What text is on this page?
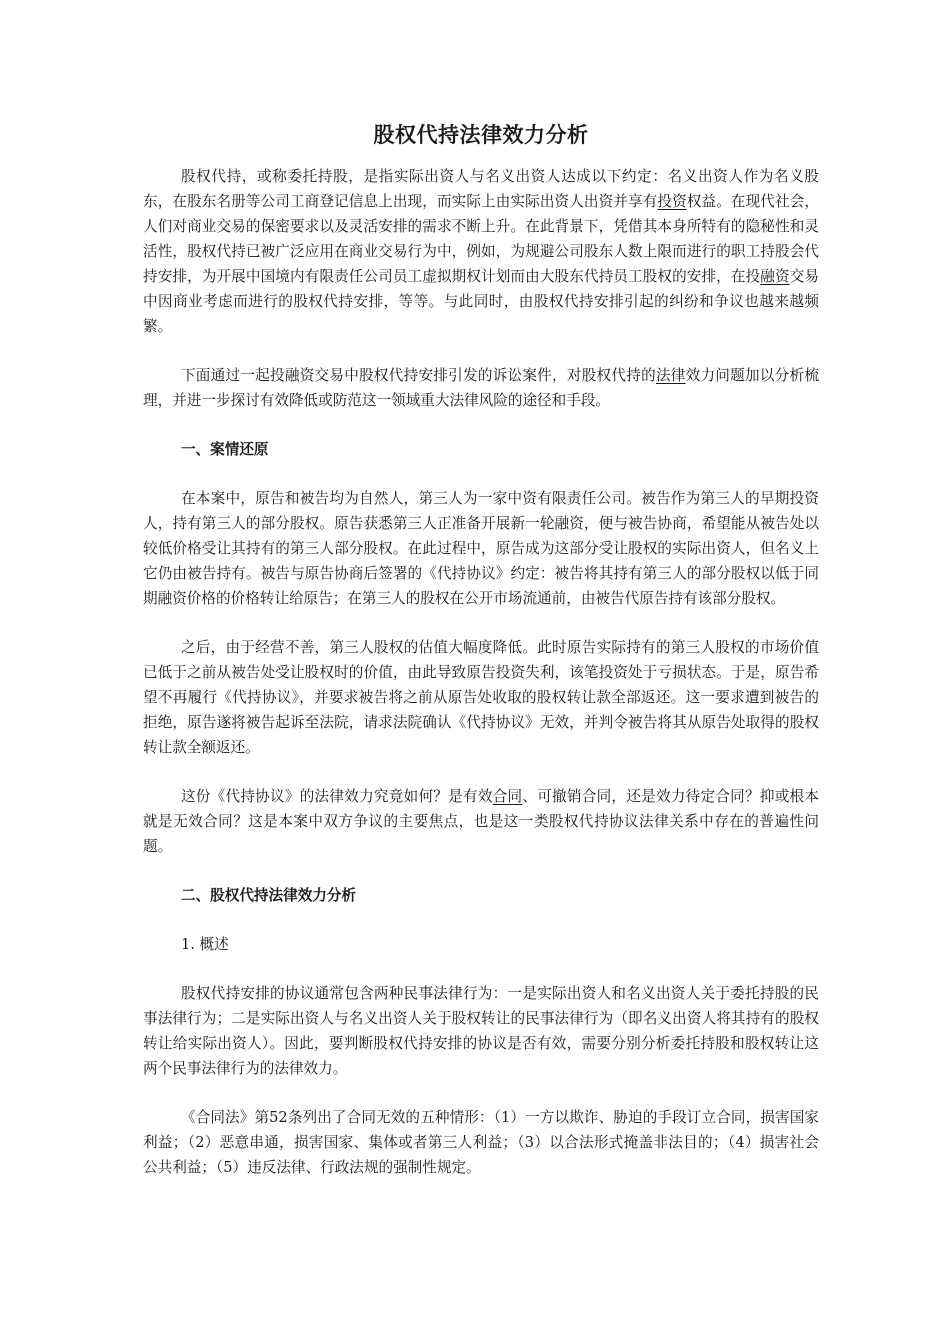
股权代持法律效力分析

股权代持，或称委托持股，是指实际出资人与名义出资人达成以下约定：名义出资人作为名义股东，在股东名册等公司工商登记信息上出现，而实际上由实际出资人出资并享有投资权益。在现代社会，人们对商业交易的保密要求以及灵活安排的需求不断上升。在此背景下，凭借其本身所特有的隐秘性和灵活性，股权代持已被广泛应用在商业交易行为中，例如，为规避公司股东人数上限而进行的职工持股会代持安排，为开展中国境内有限责任公司员工虚拟期权计划而由大股东代持员工股权的安排，在投融资交易中因商业考虑而进行的股权代持安排，等等。与此同时，由股权代持安排引起的纠纷和争议也越来越频繁。

下面通过一起投融资交易中股权代持安排引发的诉讼案件，对股权代持的法律效力问题加以分析梳理，并进一步探讨有效降低或防范这一领域重大法律风险的途径和手段。

一、案情还原

在本案中，原告和被告均为自然人，第三人为一家中资有限责任公司。被告作为第三人的早期投资人，持有第三人的部分股权。原告获悉第三人正准备开展新一轮融资，便与被告协商，希望能从被告处以较低价格受让其持有的第三人部分股权。在此过程中，原告成为这部分受让股权的实际出资人，但名义上它仍由被告持有。被告与原告协商后签署的《代持协议》约定：被告将其持有第三人的部分股权以低于同期融资价格的价格转让给原告；在第三人的股权在公开市场流通前，由被告代原告持有该部分股权。

之后，由于经营不善，第三人股权的估值大幅度降低。此时原告实际持有的第三人股权的市场价值已低于之前从被告处受让股权时的价值，由此导致原告投资失利，该笔投资处于亏损状态。于是，原告希望不再履行《代持协议》，并要求被告将之前从原告处收取的股权转让款全部返还。这一要求遭到被告的拒绝，原告遂将被告起诉至法院，请求法院确认《代持协议》无效，并判令被告将其从原告处取得的股权转让款全额返还。

这份《代持协议》的法律效力究竟如何？是有效合同、可撤销合同，还是效力待定合同？抑或根本就是无效合同？这是本案中双方争议的主要焦点，也是这一类股权代持协议法律关系中存在的普遍性问题。

二、股权代持法律效力分析

1. 概述

股权代持安排的协议通常包含两种民事法律行为：一是实际出资人和名义出资人关于委托持股的民事法律行为；二是实际出资人与名义出资人关于股权转让的民事法律行为（即名义出资人将其持有的股权转让给实际出资人）。因此，要判断股权代持安排的协议是否有效，需要分别分析委托持股和股权转让这两个民事法律行为的法律效力。

《合同法》第52条列出了合同无效的五种情形：（1）一方以欺诈、胁迫的手段订立合同，损害国家利益；（2）恶意串通，损害国家、集体或者第三人利益；（3）以合法形式掩盖非法目的；（4）损害社会公共利益；（5）违反法律、行政法规的强制性规定。
